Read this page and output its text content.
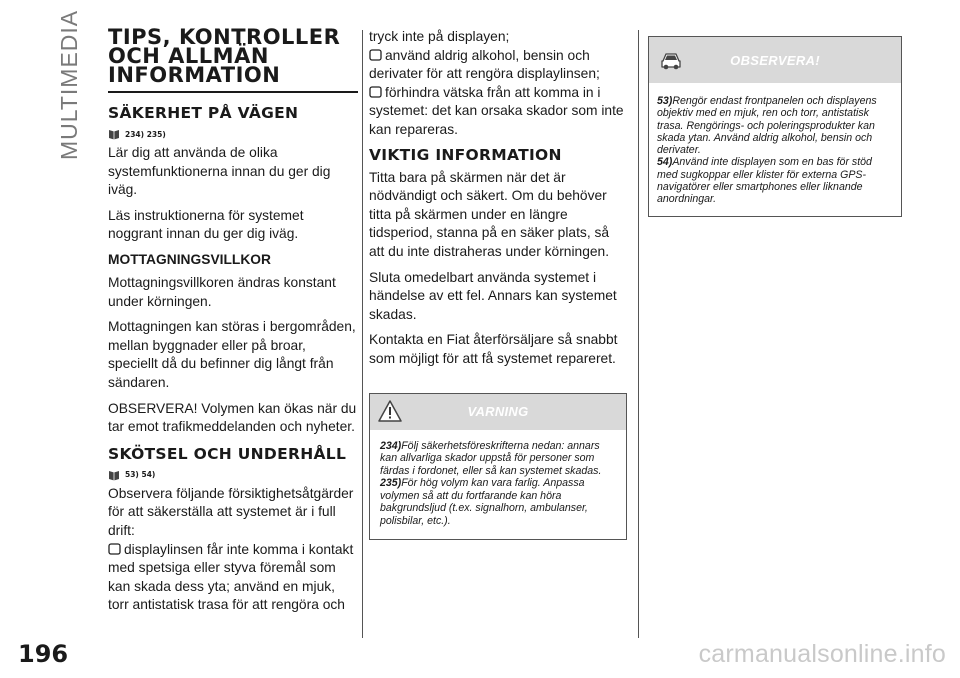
MULTIMEDIA
196
TIPS, KONTROLLER OCH ALLMÄN INFORMATION
SÄKERHET PÅ VÄGEN
234) 235)

Lär dig att använda de olika systemfunktionerna innan du ger dig iväg.

Läs instruktionerna för systemet noggrant innan du ger dig iväg.

MOTTAGNINGSVILLKOR

Mottagningsvillkoren ändras konstant under körningen.

Mottagningen kan störas i bergområden, mellan byggnader eller på broar, speciellt då du befinner dig långt från sändaren.

OBSERVERA! Volymen kan ökas när du tar emot trafikmeddelanden och nyheter.

SKÖTSEL OCH UNDERHÅLL
53) 54)

Observera följande försiktighetsåtgärder för att säkerställa att systemet är i full drift:

displaylinsen får inte komma i kontakt med spetsiga eller styva föremål som kan skada dess yta; använd en mjuk, torr antistatisk trasa för att rengöra och

tryck inte på displayen;

använd aldrig alkohol, bensin och derivater för att rengöra displaylinsen;

förhindra vätska från att komma in i systemet: det kan orsaka skador som inte kan repareras.

VIKTIG INFORMATION

Titta bara på skärmen när det är nödvändigt och säkert. Om du behöver titta på skärmen under en längre tidsperiod, stanna på en säker plats, så att du inte distraheras under körningen.

Sluta omedelbart använda systemet i händelse av ett fel. Annars kan systemet skadas.

Kontakta en Fiat återförsäljare så snabbt som möjligt för att få systemet repareret.

VARNING
234)Följ säkerhetsföreskrifterna nedan: annars kan allvarliga skador uppstå för personer som färdas i fordonet, eller så kan systemet skadas.
235)För hög volym kan vara farlig. Anpassa volymen så att du fortfarande kan höra bakgrundsljud (t.ex. signalhorn, ambulanser, polisbilar, etc.).
OBSERVERA!
53)Rengör endast frontpanelen och displayens objektiv med en mjuk, ren och torr, antistatisk trasa. Rengörings- och poleringsprodukter kan skada ytan. Använd aldrig alkohol, bensin och derivater.
54)Använd inte displayen som en bas för stöd med sugkoppar eller klister för externa GPS-navigatörer eller smartphones eller liknande anordningar.
carmanualsonline.info
